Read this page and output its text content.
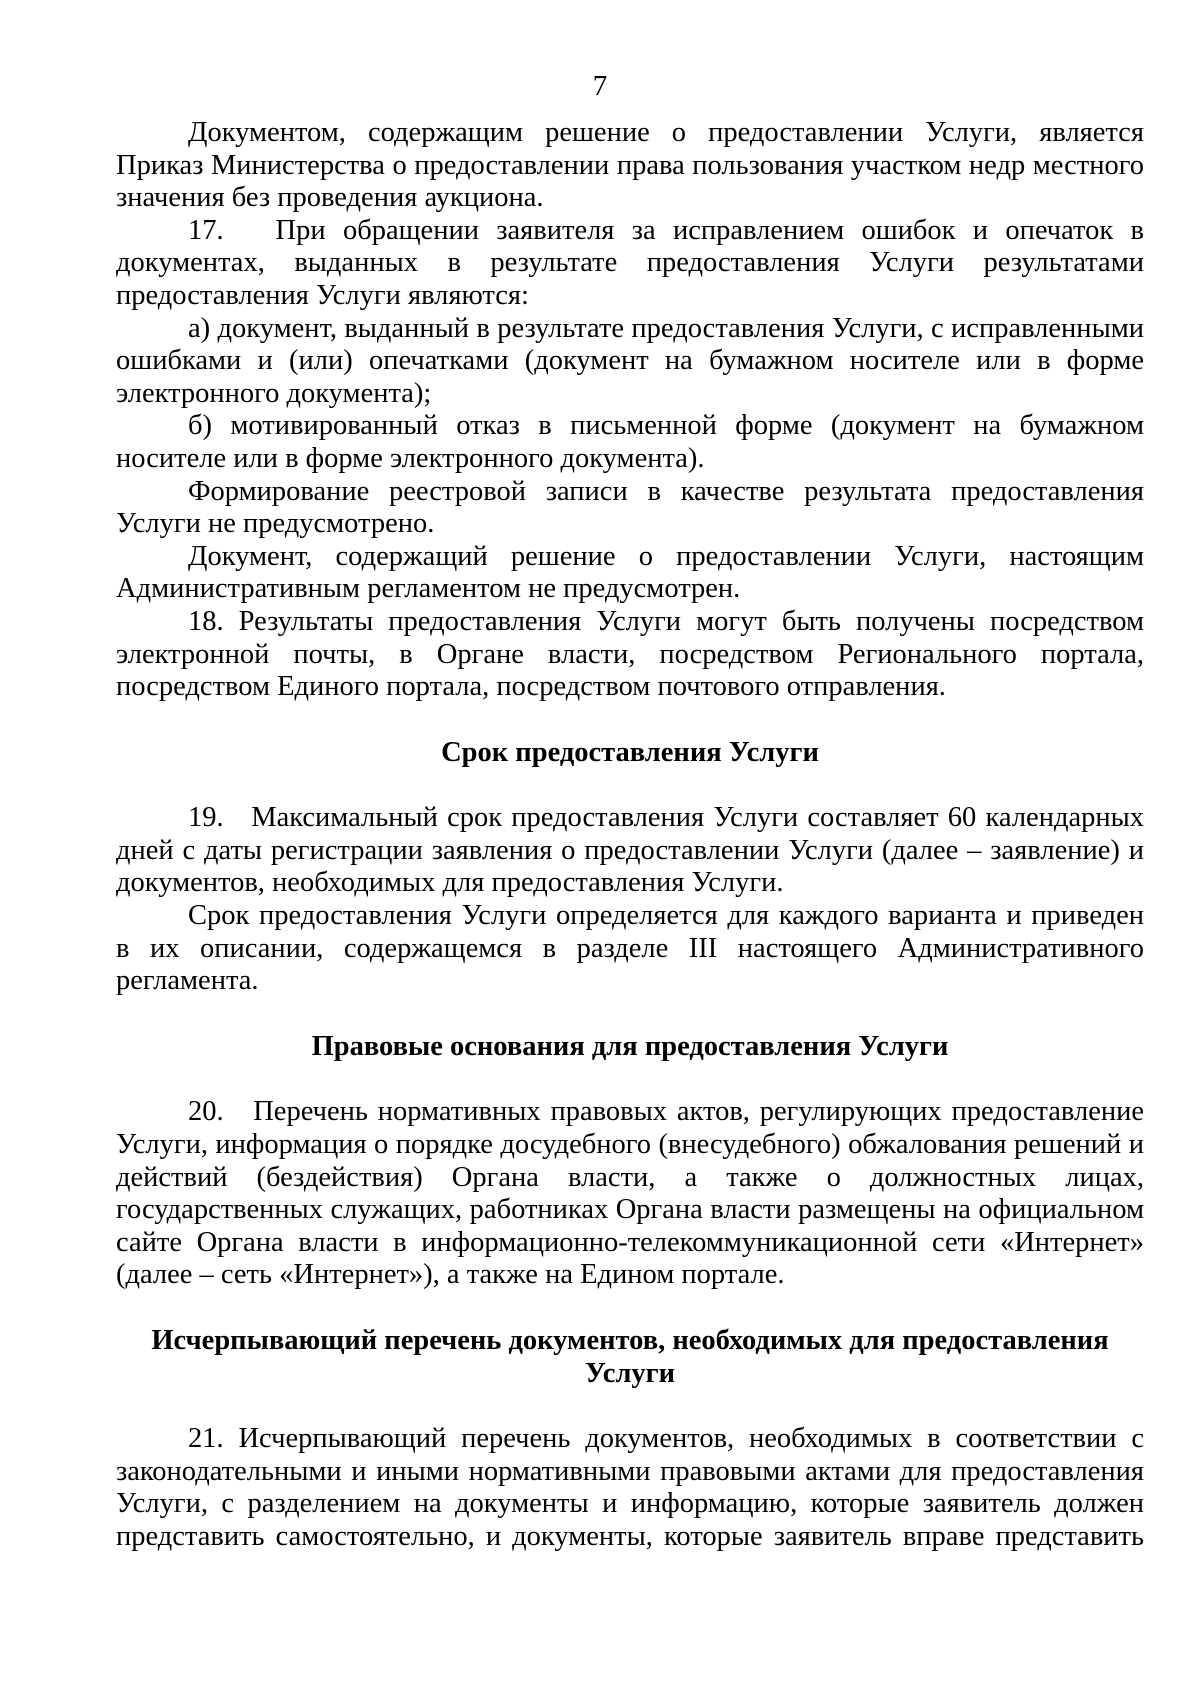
7

Документом, содержащим решение о предоставлении Услуги, является Приказ Министерства о предоставлении права пользования участком недр местного значения без проведения аукциона.

17.   При обращении заявителя за исправлением ошибок и опечаток в документах, выданных в результате предоставления Услуги результатами предоставления Услуги являются:

а) документ, выданный в результате предоставления Услуги, с исправленными ошибками и (или) опечатками (документ на бумажном носителе или в форме электронного документа);

б) мотивированный отказ в письменной форме (документ на бумажном носителе или в форме электронного документа).

Формирование реестровой записи в качестве результата предоставления Услуги не предусмотрено.

Документ, содержащий решение о предоставлении Услуги, настоящим Административным регламентом не предусмотрен.

18. Результаты предоставления Услуги могут быть получены посредством электронной почты, в Органе власти, посредством Регионального портала, посредством Единого портала, посредством почтового отправления.

Срок предоставления Услуги

19.   Максимальный срок предоставления Услуги составляет 60 календарных дней с даты регистрации заявления о предоставлении Услуги (далее – заявление) и документов, необходимых для предоставления Услуги.

Срок предоставления Услуги определяется для каждого варианта и приведен в их описании, содержащемся в разделе III настоящего Административного регламента.

Правовые основания для предоставления Услуги

20.   Перечень нормативных правовых актов, регулирующих предоставление Услуги, информация о порядке досудебного (внесудебного) обжалования решений и действий (бездействия) Органа власти, а также о должностных лицах, государственных служащих, работниках Органа власти размещены на официальном сайте Органа власти в информационно-телекоммуникационной сети «Интернет» (далее – сеть «Интернет»), а также на Едином портале.

Исчерпывающий перечень документов, необходимых для предоставления Услуги

21. Исчерпывающий перечень документов, необходимых в соответствии с законодательными и иными нормативными правовыми актами для предоставления Услуги, с разделением на документы и информацию, которые заявитель должен представить самостоятельно, и документы, которые заявитель вправе представить
